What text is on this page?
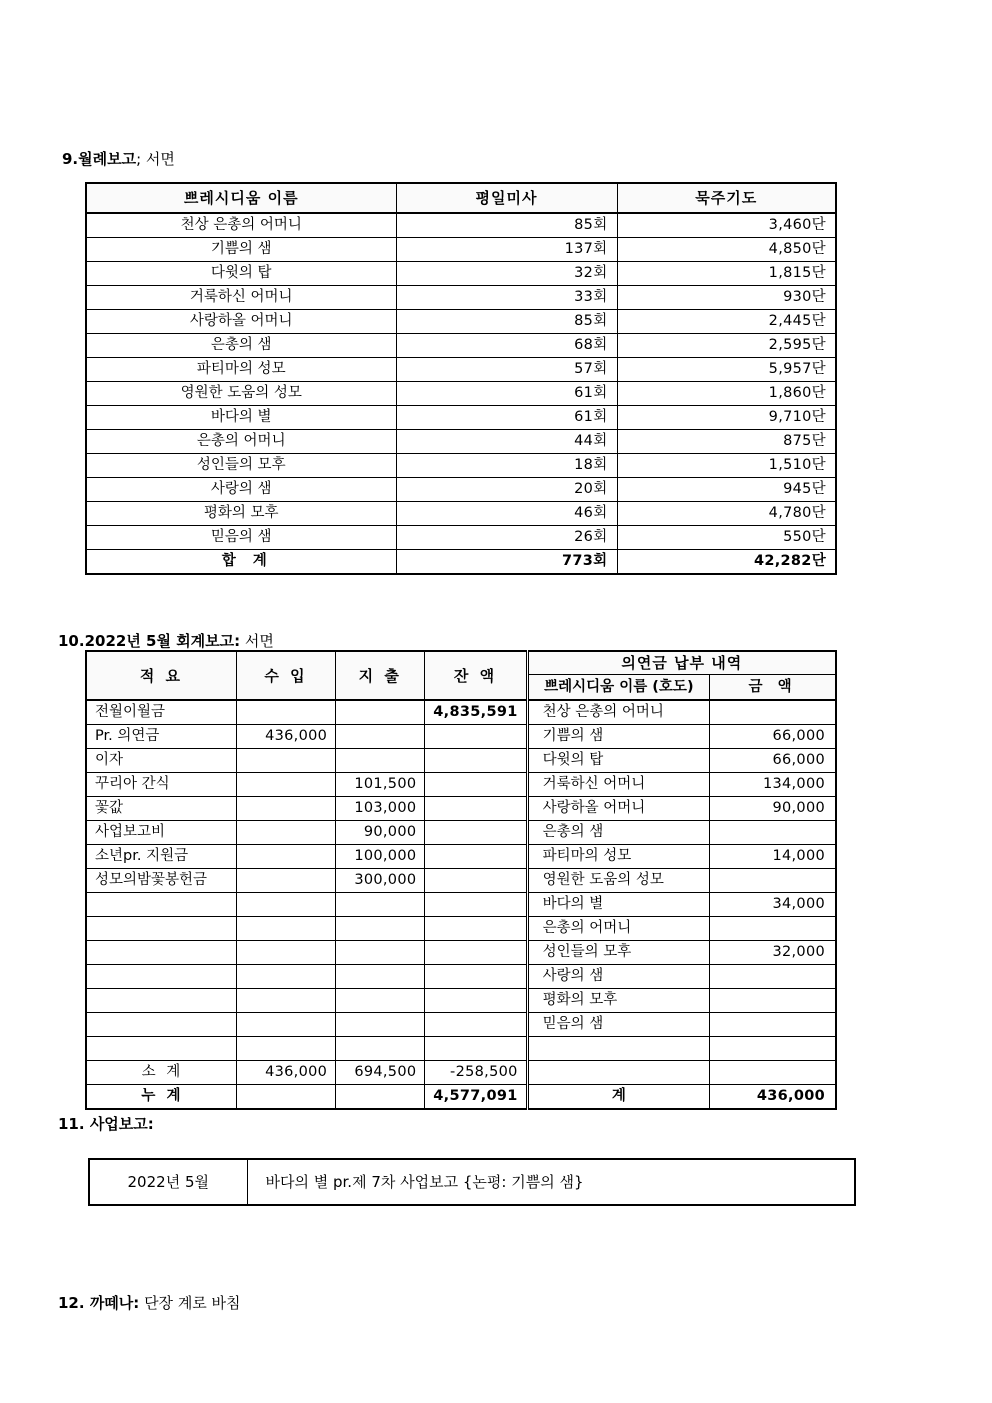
9.월례보고; 서면
쁘레시디움 이름	평일미사	묵주기도
천상 은총의 어머니	85회	3,460단
기쁨의 샘	137회	4,850단
다윗의 탑	32회	1,815단
거룩하신 어머니	33회	930단
사랑하올 어머니	85회	2,445단
은총의 샘	68회	2,595단
파티마의 성모	57회	5,957단
영원한 도움의 성모	61회	1,860단
바다의 별	61회	9,710단
은총의 어머니	44회	875단
성인들의 모후	18회	1,510단
사랑의 샘	20회	945단
평화의 모후	46회	4,780단
믿음의 샘	26회	550단
합 계	773회	42,282단
10.2022년 5월 회계보고: 서면
적 요	수 입	지 출	잔 액	의연금 납부 내역	
				쁘레시디움 이름 (호도)	금 액
전월이월금			4,835,591	천상 은총의 어머니	
Pr. 의연금	436,000			기쁨의 샘	66,000
이자				다윗의 탑	66,000
꾸리아 간식		101,500		거룩하신 어머니	134,000
꽃값		103,000		사랑하올 어머니	90,000
사업보고비		90,000		은총의 샘	
소년pr. 지원금		100,000		파티마의 성모	14,000
성모의밤꽃봉헌금		300,000		영원한 도움의 성모	
				바다의 별	34,000
				은총의 어머니	
				성인들의 모후	32,000
				사랑의 샘	
				평화의 모후	
				믿음의 샘	

소 계	436,000	694,500	-258,500		
누 계			4,577,091	계	436,000
11. 사업보고:
2022년 5월	바다의 별 pr.제 7차 사업보고 {논평: 기쁨의 샘}
12. 까떼나: 단장 계로 바침
